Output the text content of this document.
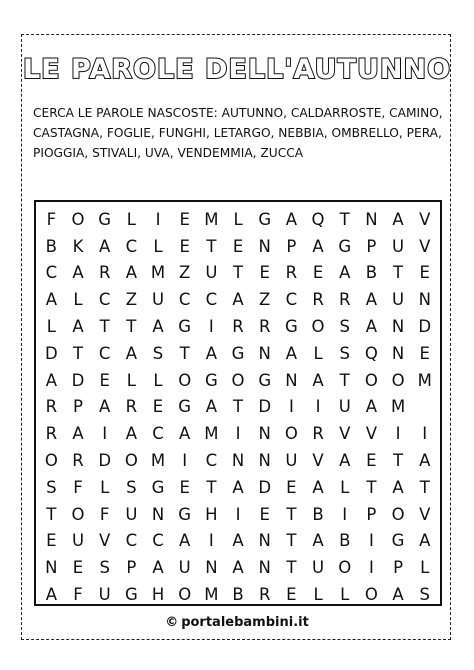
LE PAROLE DELL'AUTUNNO
CERCA LE PAROLE NASCOSTE: AUTUNNO, CALDARROSTE, CAMINO, CASTAGNA, FOGLIE, FUNGHI, LETARGO, NEBBIA, OMBRELLO, PERA, PIOGGIA, STIVALI, UVA, VENDEMMIA, ZUCCA
F O G L	I	E M L G A Q T N A V
B K A C L	E T E N P A G P U V
C A R A M Z U T E R E A B T E
A L C Z U C C A Z C R R A U N
L A T	T A G	I	R R G O S A N D
D T C A S T A G N A L	S Q N E
A D E	L	L O G O G N A T O O M
R P A R E G A T D	I	I	U A M
R A	I	A C A M	I	N O R V V	I	I
O R D O M	I	C N N U V A E T A
S	F	L	S G E T A D E A L	T A T
T O F U N G H	I	E T B	I	P O V
E U V C C A	I	A N T A B	I	G A
N E S P A U N A N T U O	I	P	L
A F U G H O M B R E	L	L O A S
© portalebambini.it
